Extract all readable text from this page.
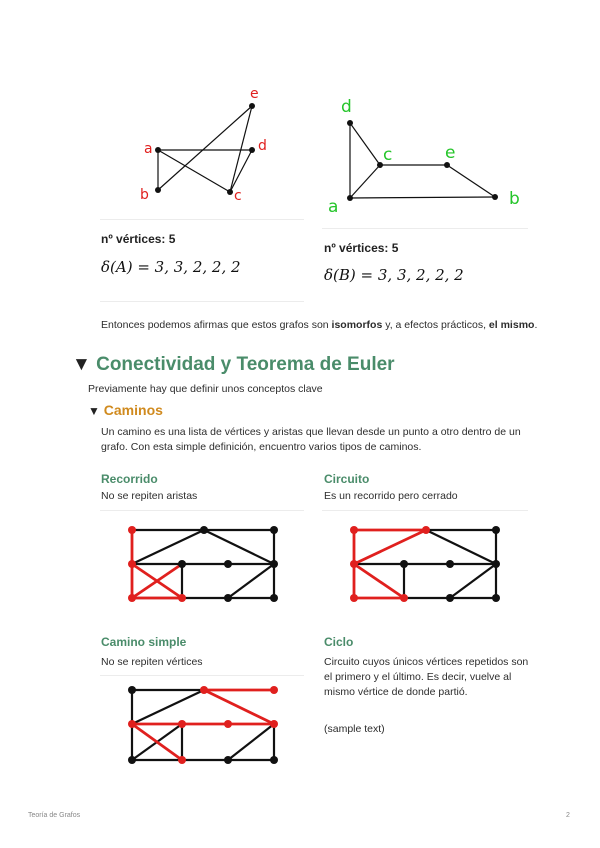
a
b	c
d
e
d
c	e
a	b
nº vértices: 5
δ(A) = 3, 3, 2, 2, 2
nº vértices: 5
δ(B) = 3, 3, 2, 2, 2
Entonces podemos afirmas que estos grafos son isomorfos y, a efectos prácticos, el mismo.
▼ Conectividad y Teorema de Euler
Previamente hay que definir unos conceptos clave
▼ Caminos
Un camino es una lista de vértices y aristas que llevan desde un punto a otro dentro de un grafo. Con esta simple definición, encuentro varios tipos de caminos.
Recorrido
No se repiten aristas
Circuito
Es un recorrido pero cerrado
Camino simple
No se repiten vértices
Ciclo
Circuito cuyos únicos vértices repetidos son el primero y el último. Es decir, vuelve al mismo vértice de donde partió.
(sample text)
Teoría de Grafos	2
